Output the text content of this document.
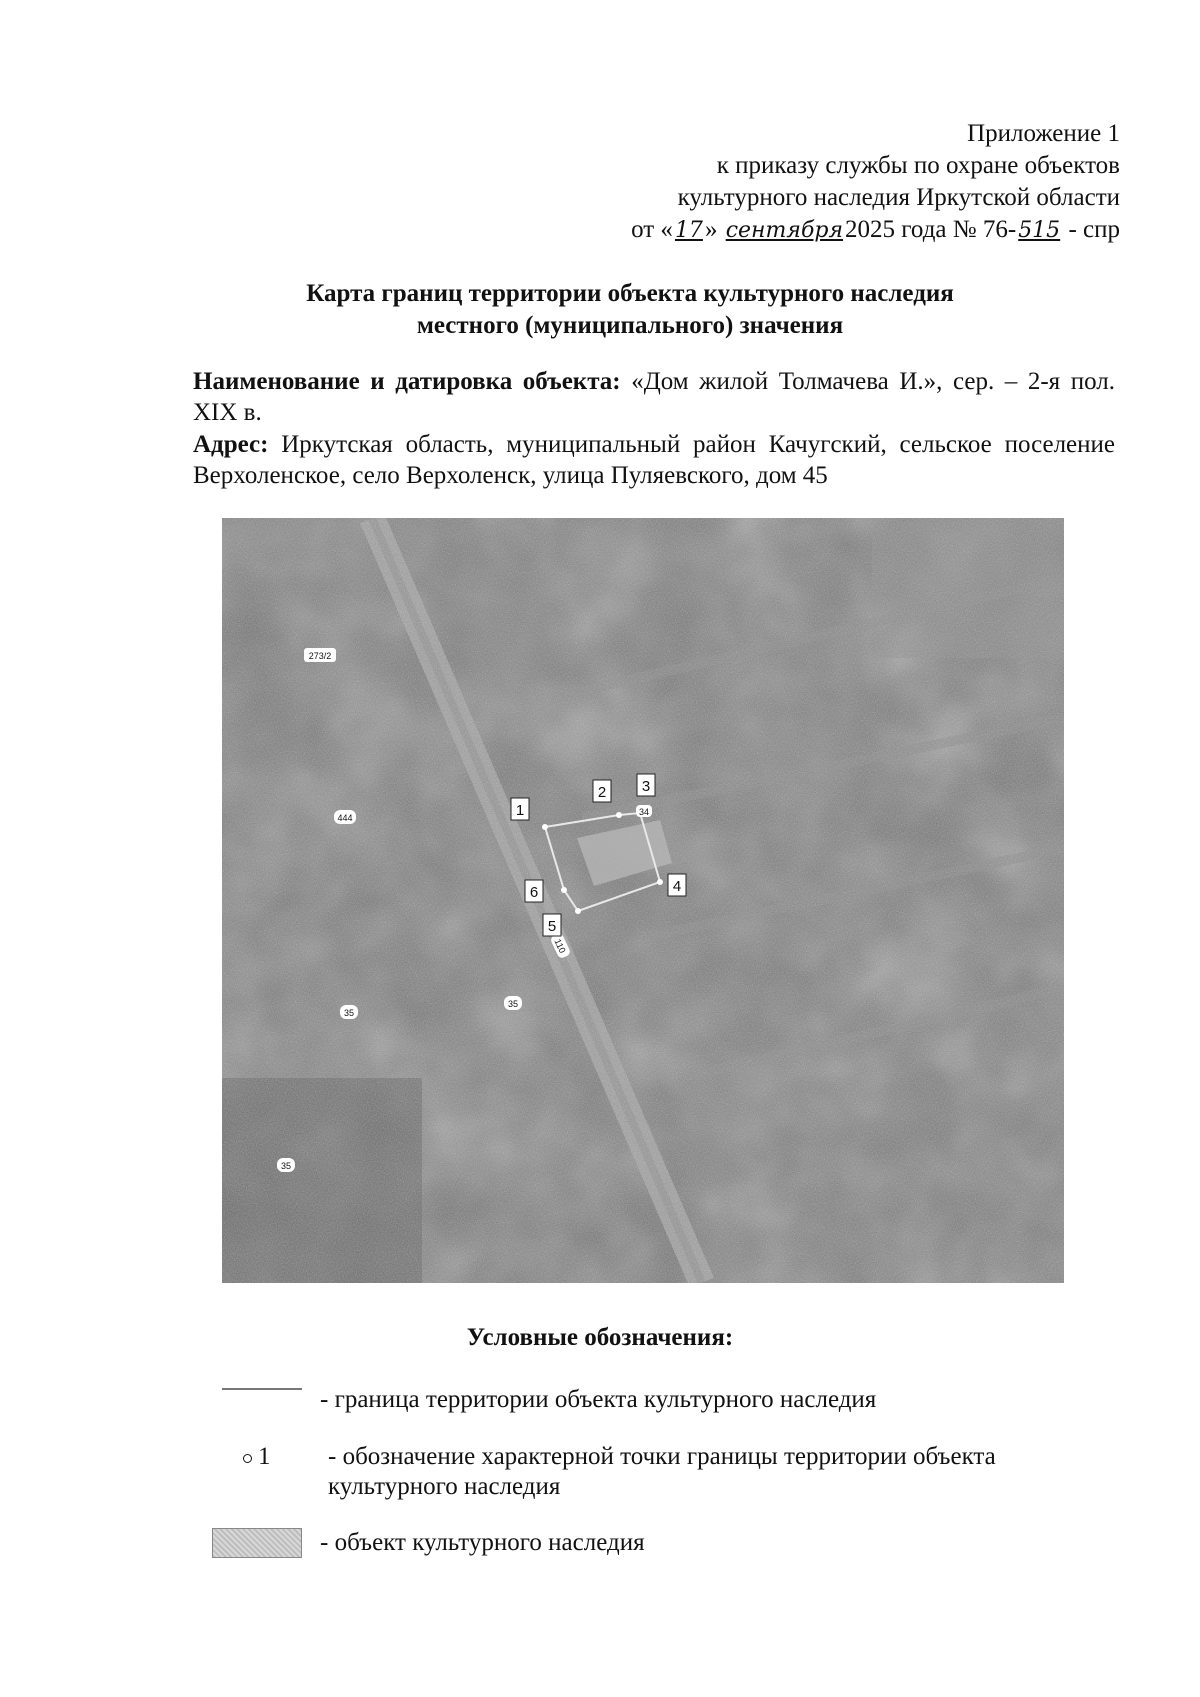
Приложение 1
к приказу службы по охране объектов
культурного наследия Иркутской области
от «17» сентября2025 года № 76-515 - спр
Карта границ территории объекта культурного наследия
местного (муниципального) значения
Наименование и датировка объекта: «Дом жилой Толмачева И.», сер. – 2-я пол. XIX в.
Адрес: Иркутская область, муниципальный район Качугский, сельское поселение Верхоленское, село Верхоленск, улица Пуляевского, дом 45
273/2
444
35
35
35
34
110
1
2 3
4
5
6
Условные обозначения:
- граница территории объекта культурного наследия
1	- обозначение характерной точки границы территории объекта культурного наследия
- объект культурного наследия
